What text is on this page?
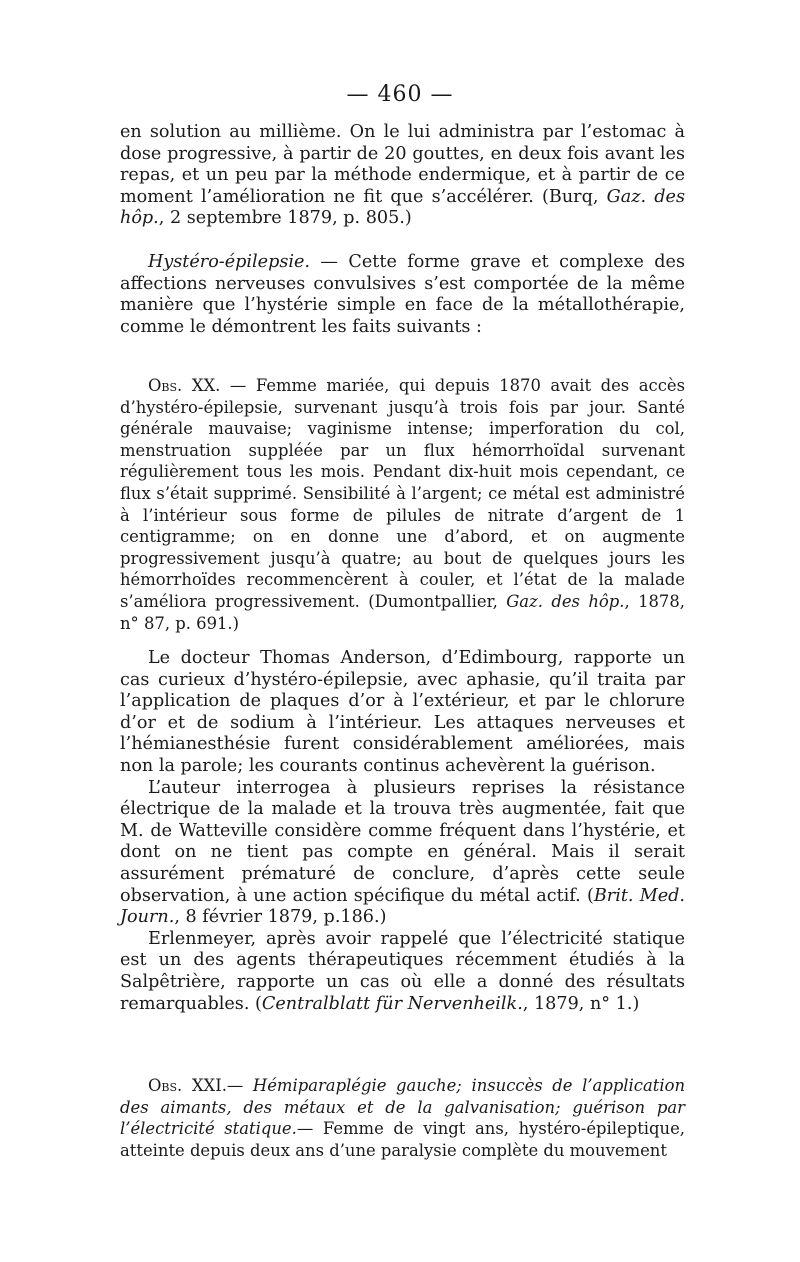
— 460 —

en solution au millième. On le lui administra par l’estomac à dose progressive, à partir de 20 gouttes, en deux fois avant les repas, et un peu par la méthode endermique, et à partir de ce moment l’amélioration ne fit que s’accélérer. (Burq, Gaz. des hôp., 2 septembre 1879, p. 805.)

Hystéro-épilepsie. — Cette forme grave et complexe des affections nerveuses convulsives s’est comportée de la même manière que l’hystérie simple en face de la métallothérapie, comme le démontrent les faits suivants :

Obs. XX. — Femme mariée, qui depuis 1870 avait des accès d’hystéro-épilepsie, survenant jusqu’à trois fois par jour. Santé générale mauvaise; vaginisme intense; imperforation du col, menstruation suppléée par un flux hémorrhoïdal survenant régulièrement tous les mois. Pendant dix-huit mois cependant, ce flux s’était supprimé. Sensibilité à l’argent; ce métal est administré à l’intérieur sous forme de pilules de nitrate d’argent de 1 centigramme; on en donne une d’abord, et on augmente progressivement jusqu’à quatre; au bout de quelques jours les hémorrhoïdes recommencèrent à couler, et l’état de la malade s’améliora progressivement. (Dumontpallier, Gaz. des hôp., 1878, n° 87, p. 691.)

Le docteur Thomas Anderson, d’Edimbourg, rapporte un cas curieux d’hystéro-épilepsie, avec aphasie, qu’il traita par l’application de plaques d’or à l’extérieur, et par le chlorure d’or et de sodium à l’intérieur. Les attaques nerveuses et l’hémianesthésie furent considérablement améliorées, mais non la parole; les courants continus achevèrent la guérison.

L’auteur interrogea à plusieurs reprises la résistance électrique de la malade et la trouva très augmentée, fait que M. de Watteville considère comme fréquent dans l’hystérie, et dont on ne tient pas compte en général. Mais il serait assurément prématuré de conclure, d’après cette seule observation, à une action spécifique du métal actif. (Brit. Med. Journ., 8 février 1879, p.186.)

Erlenmeyer, après avoir rappelé que l’électricité statique est un des agents thérapeutiques récemment étudiés à la Salpêtrière, rapporte un cas où elle a donné des résultats remarquables. (Centralblatt für Nervenheilk., 1879, n° 1.)

Obs. XXI.— Hémiparaplégie gauche; insuccès de l’application des aimants, des métaux et de la galvanisation; guérison par l’électricité statique.— Femme de vingt ans, hystéro-épileptique, atteinte depuis deux ans d’une paralysie complète du mouvement
